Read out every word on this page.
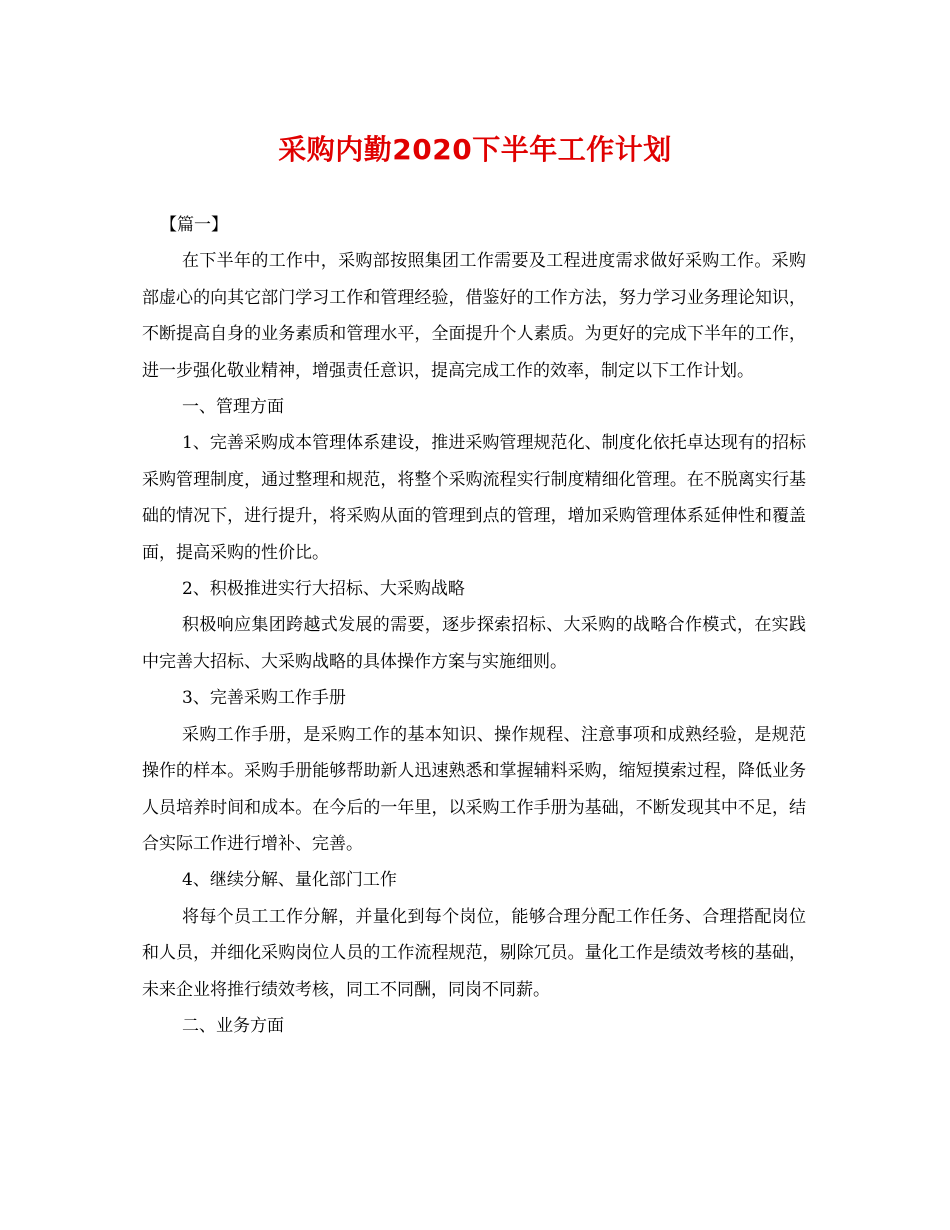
采购内勤2020下半年工作计划

【篇一】

在下半年的工作中，采购部按照集团工作需要及工程进度需求做好采购工作。采购部虚心的向其它部门学习工作和管理经验，借鉴好的工作方法，努力学习业务理论知识，不断提高自身的业务素质和管理水平，全面提升个人素质。为更好的完成下半年的工作，进一步强化敬业精神，增强责任意识，提高完成工作的效率，制定以下工作计划。

一、管理方面

1、完善采购成本管理体系建设，推进采购管理规范化、制度化依托卓达现有的招标采购管理制度，通过整理和规范，将整个采购流程实行制度精细化管理。在不脱离实行基础的情况下，进行提升，将采购从面的管理到点的管理，增加采购管理体系延伸性和覆盖面，提高采购的性价比。

2、积极推进实行大招标、大采购战略

积极响应集团跨越式发展的需要，逐步探索招标、大采购的战略合作模式，在实践中完善大招标、大采购战略的具体操作方案与实施细则。

3、完善采购工作手册

采购工作手册，是采购工作的基本知识、操作规程、注意事项和成熟经验，是规范操作的样本。采购手册能够帮助新人迅速熟悉和掌握辅料采购，缩短摸索过程，降低业务人员培养时间和成本。在今后的一年里，以采购工作手册为基础，不断发现其中不足，结合实际工作进行增补、完善。

4、继续分解、量化部门工作

将每个员工工作分解，并量化到每个岗位，能够合理分配工作任务、合理搭配岗位和人员，并细化采购岗位人员的工作流程规范，剔除冗员。量化工作是绩效考核的基础，未来企业将推行绩效考核，同工不同酬，同岗不同薪。

二、业务方面
